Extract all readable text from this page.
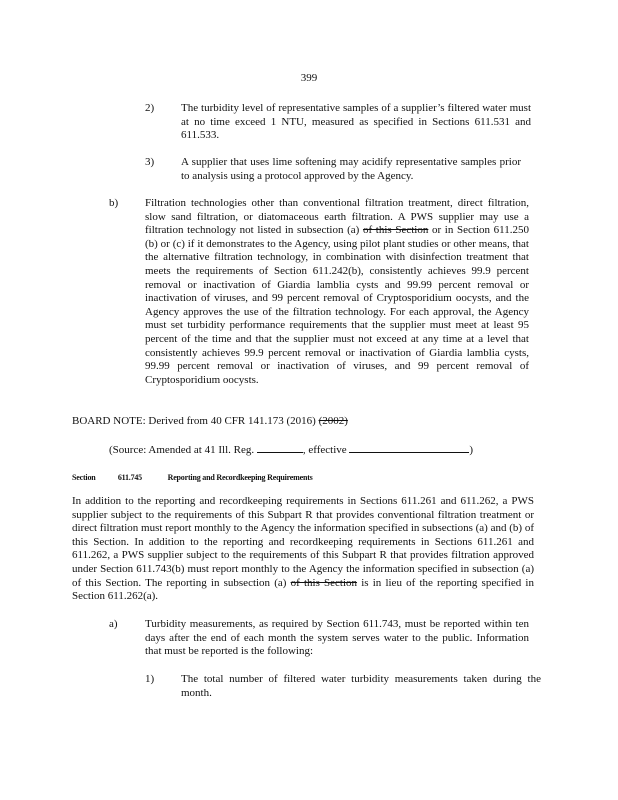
399
2) The turbidity level of representative samples of a supplier’s filtered water must at no time exceed 1 NTU, measured as specified in Sections 611.531 and 611.533.
3) A supplier that uses lime softening may acidify representative samples prior to analysis using a protocol approved by the Agency.
b) Filtration technologies other than conventional filtration treatment, direct filtration, slow sand filtration, or diatomaceous earth filtration. A PWS supplier may use a filtration technology not listed in subsection (a) of this Section or in Section 611.250 (b) or (c) if it demonstrates to the Agency, using pilot plant studies or other means, that the alternative filtration technology, in combination with disinfection treatment that meets the requirements of Section 611.242(b), consistently achieves 99.9 percent removal or inactivation of Giardia lamblia cysts and 99.99 percent removal or inactivation of viruses, and 99 percent removal of Cryptosporidium oocysts, and the Agency approves the use of the filtration technology. For each approval, the Agency must set turbidity performance requirements that the supplier must meet at least 95 percent of the time and that the supplier must not exceed at any time at a level that consistently achieves 99.9 percent removal or inactivation of Giardia lamblia cysts, 99.99 percent removal or inactivation of viruses, and 99 percent removal of Cryptosporidium oocysts.
BOARD NOTE: Derived from 40 CFR 141.173 (2016) (2002)
(Source: Amended at 41 Ill. Reg.	, effective	)
Section	611.745	Reporting and Recordkeeping Requirements
In addition to the reporting and recordkeeping requirements in Sections 611.261 and 611.262, a PWS supplier subject to the requirements of this Subpart R that provides conventional filtration treatment or direct filtration must report monthly to the Agency the information specified in subsections (a) and (b) of this Section. In addition to the reporting and recordkeeping requirements in Sections 611.261 and 611.262, a PWS supplier subject to the requirements of this Subpart R that provides filtration approved under Section 611.743(b) must report monthly to the Agency the information specified in subsection (a) of this Section. The reporting in subsection (a) of this Section is in lieu of the reporting specified in Section 611.262(a).
a) Turbidity measurements, as required by Section 611.743, must be reported within ten days after the end of each month the system serves water to the public. Information that must be reported is the following:
1) The total number of filtered water turbidity measurements taken during the month.
